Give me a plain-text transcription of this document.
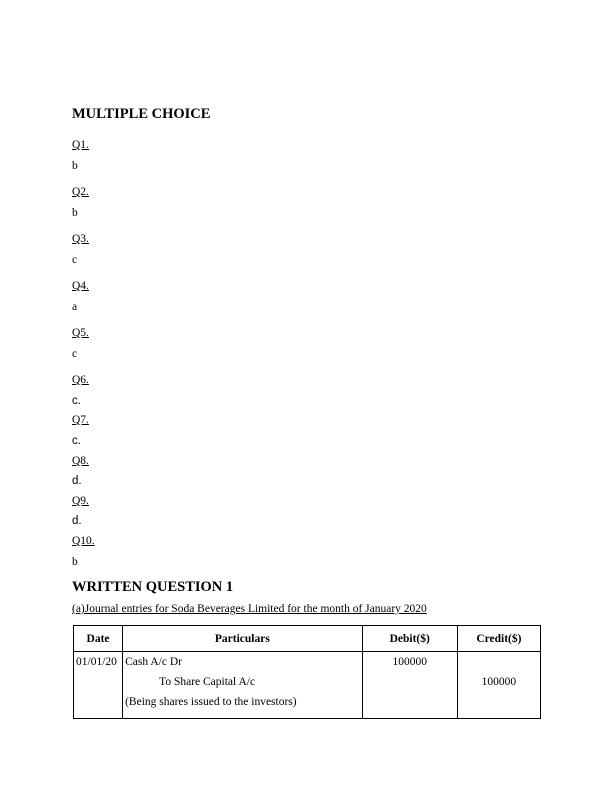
MULTIPLE CHOICE

Q1.

b

Q2.

b

Q3.

c

Q4.

a

Q5.

c

Q6.

c.

Q7.

c.

Q8.

d.

Q9.

d.

Q10.

b

WRITTEN QUESTION 1

(a)Journal entries for Soda Beverages Limited for the month of January 2020

Date	Particulars	Debit($)	Credit($)

01/01/20	Cash A/c Dr
To Share Capital A/c
(Being shares issued to the investors)	100000	100000
